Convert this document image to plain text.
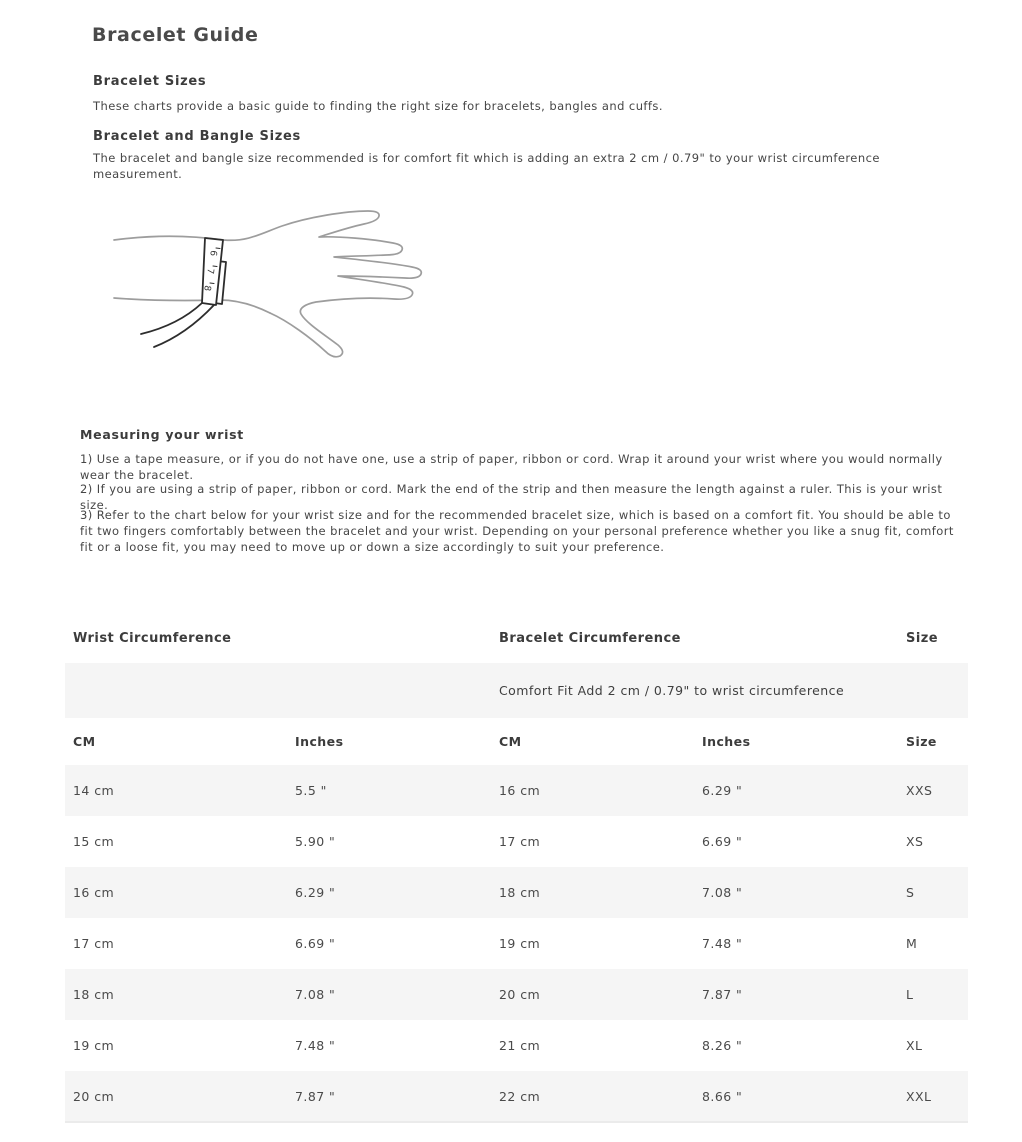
Bracelet Guide
Bracelet Sizes

These charts provide a basic guide to finding the right size for bracelets, bangles and cuffs.

Bracelet and Bangle Sizes

The bracelet and bangle size recommended is for comfort fit which is adding an extra 2 cm / 0.79" to your wrist circumference measurement.

6
7
8
Measuring your wrist

1) Use a tape measure, or if you do not have one, use a strip of paper, ribbon or cord. Wrap it around your wrist where you would normally wear the bracelet.

2) If you are using a strip of paper, ribbon or cord. Mark the end of the strip and then measure the length against a ruler. This is your wrist size.

3) Refer to the chart below for your wrist size and for the recommended bracelet size, which is based on a comfort fit. You should be able to fit two fingers comfortably between the bracelet and your wrist. Depending on your personal preference whether you like a snug fit, comfort fit or a loose fit, you may need to move up or down a size accordingly to suit your preference.

Wrist Circumference		Bracelet Circumference		Size
		Comfort Fit Add 2 cm / 0.79" to wrist circumference		
CM	Inches	CM	Inches	Size
14 cm	5.5 "	16 cm	6.29 "	XXS
15 cm	5.90 "	17 cm	6.69 "	XS
16 cm	6.29 "	18 cm	7.08 "	S
17 cm	6.69 "	19 cm	7.48 "	M
18 cm	7.08 "	20 cm	7.87 "	L
19 cm	7.48 "	21 cm	8.26 "	XL
20 cm	7.87 "	22 cm	8.66 "	XXL
